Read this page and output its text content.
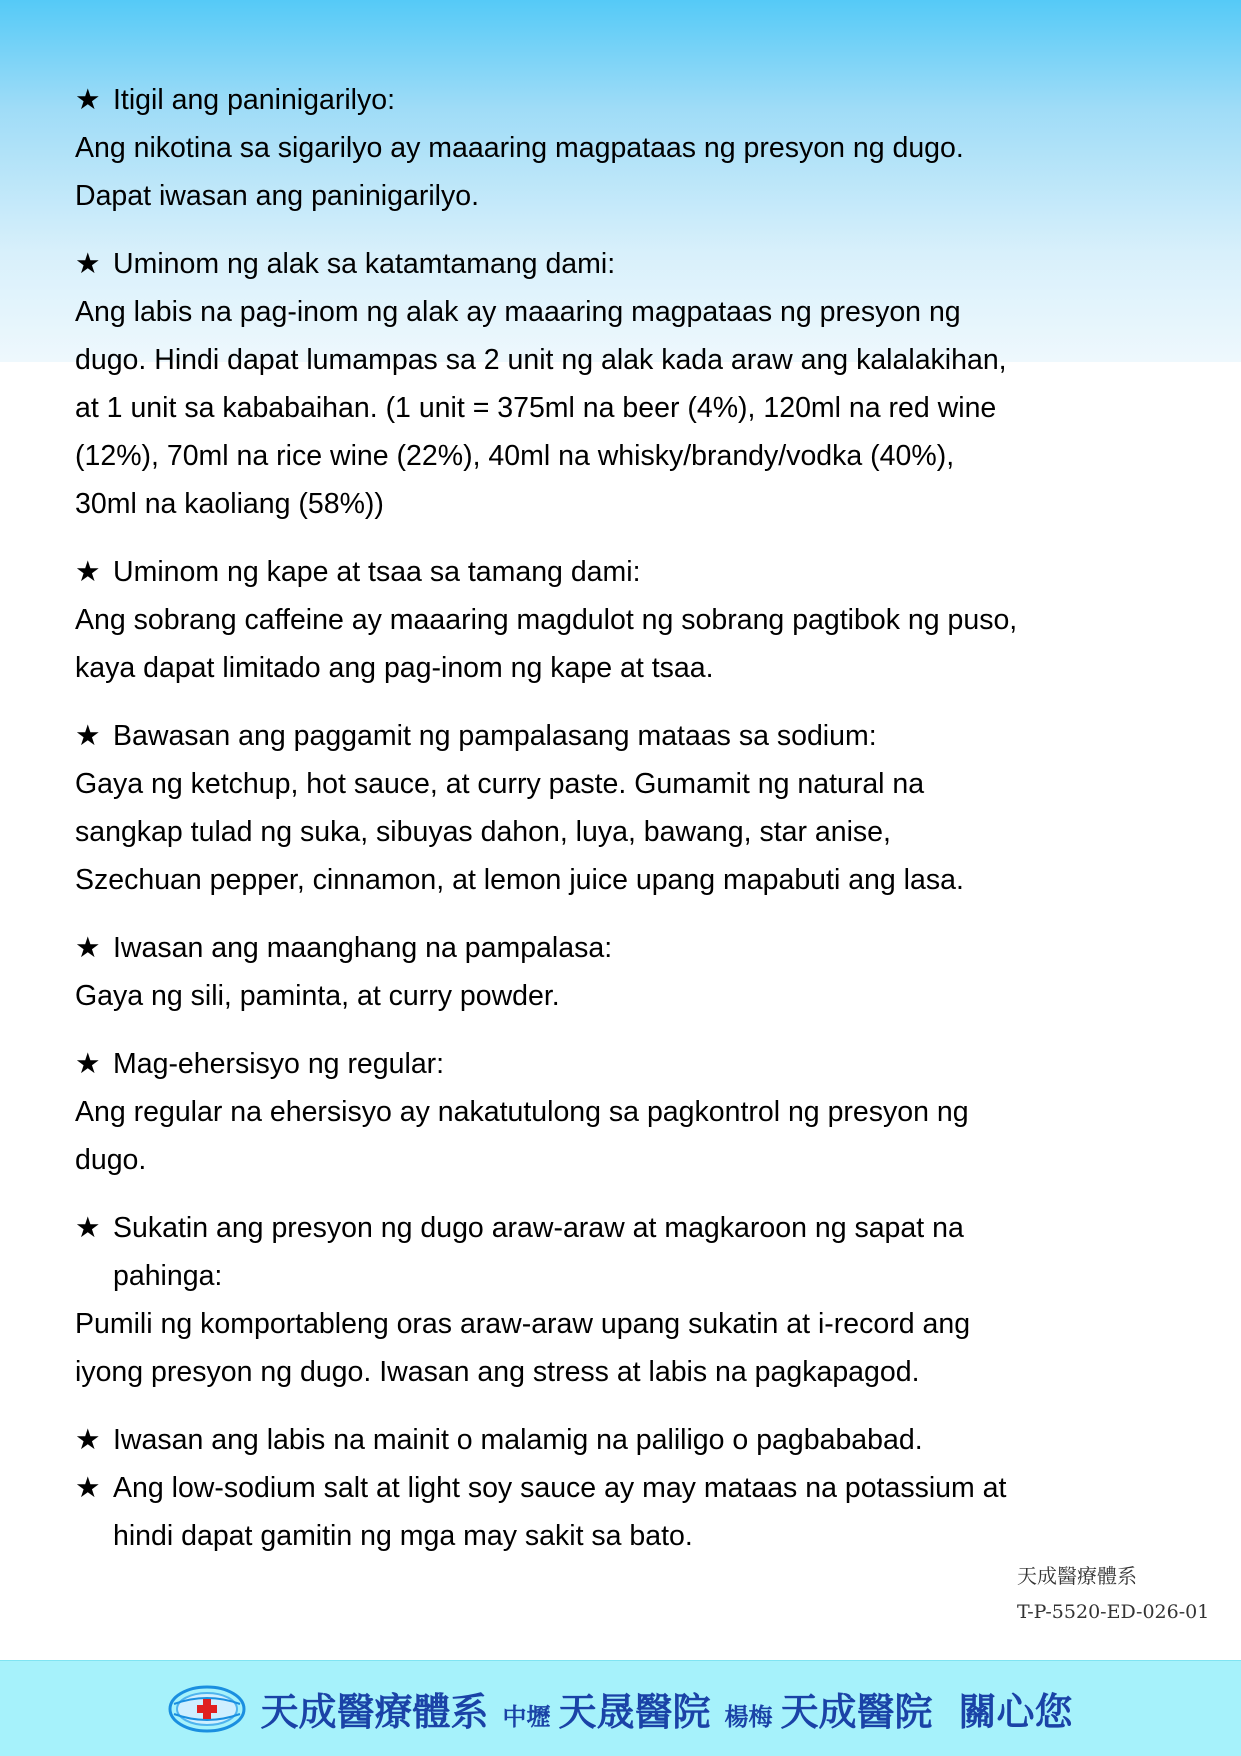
★ Itigil ang paninigarilyo:
Ang nikotina sa sigarilyo ay maaaring magpataas ng presyon ng dugo.
Dapat iwasan ang paninigarilyo.
★ Uminom ng alak sa katamtamang dami:
Ang labis na pag-inom ng alak ay maaaring magpataas ng presyon ng
dugo. Hindi dapat lumampas sa 2 unit ng alak kada araw ang kalalakihan,
at 1 unit sa kababaihan. (1 unit = 375ml na beer (4%), 120ml na red wine
(12%), 70ml na rice wine (22%), 40ml na whisky/brandy/vodka (40%),
30ml na kaoliang (58%))
★ Uminom ng kape at tsaa sa tamang dami:
Ang sobrang caffeine ay maaaring magdulot ng sobrang pagtibok ng puso,
kaya dapat limitado ang pag-inom ng kape at tsaa.
★ Bawasan ang paggamit ng pampalasang mataas sa sodium:
Gaya ng ketchup, hot sauce, at curry paste. Gumamit ng natural na
sangkap tulad ng suka, sibuyas dahon, luya, bawang, star anise,
Szechuan pepper, cinnamon, at lemon juice upang mapabuti ang lasa.
★ Iwasan ang maanghang na pampalasa:
Gaya ng sili, paminta, at curry powder.
★ Mag-ehersisyo ng regular:
Ang regular na ehersisyo ay nakatutulong sa pagkontrol ng presyon ng
dugo.
★ Sukatin ang presyon ng dugo araw-araw at magkaroon ng sapat na
pahinga:
Pumili ng komportableng oras araw-araw upang sukatin at i-record ang
iyong presyon ng dugo. Iwasan ang stress at labis na pagkapagod.
★ Iwasan ang labis na mainit o malamig na paliligo o pagbababad.
★ Ang low-sodium salt at light soy sauce ay may mataas na potassium at
hindi dapat gamitin ng mga may sakit sa bato.
天成醫療體系
T-P-5520-ED-026-01
天成醫療體系 中壢 天晟醫院 楊梅 天成醫院 關心您
